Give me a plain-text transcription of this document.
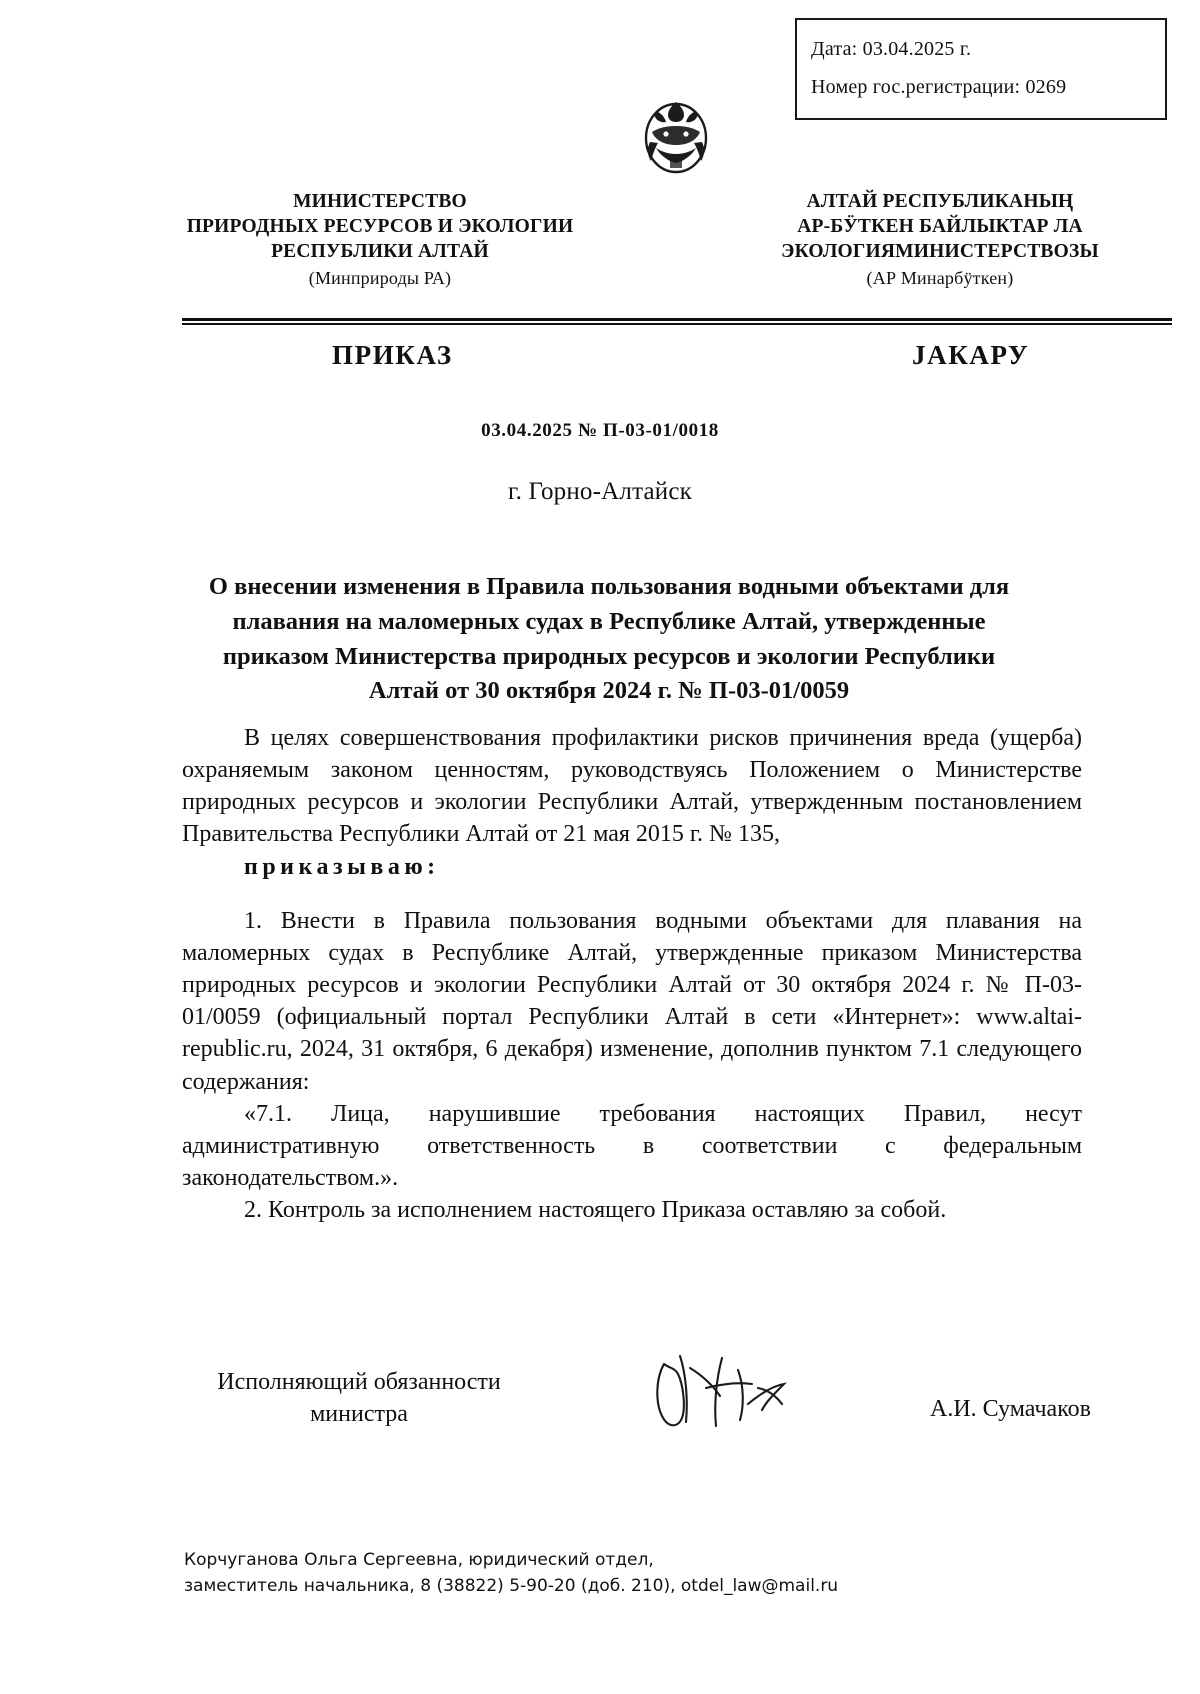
Дата: 03.04.2025 г.
Номер гос.регистрации: 0269
МИНИСТЕРСТВО
ПРИРОДНЫХ РЕСУРСОВ И ЭКОЛОГИИ
РЕСПУБЛИКИ АЛТАЙ
(Минприроды РА)
АЛТАЙ РЕСПУБЛИКАНЫҢ
АР-БӰТКЕН БАЙЛЫКТАР ЛА
ЭКОЛОГИЯМИНИСТЕРСТВОЗЫ
(АР Минарбӱткен)
ПРИКАЗ	JАКАРУ
03.04.2025 № П-03-01/0018
г. Горно-Алтайск
О внесении изменения в Правила пользования водными объектами для плавания на маломерных судах в Республике Алтай, утвержденные приказом Министерства природных ресурсов и экологии Республики Алтай от 30 октября 2024 г. № П-03-01/0059

В целях совершенствования профилактики рисков причинения вреда (ущерба) охраняемым законом ценностям, руководствуясь Положением о Министерстве природных ресурсов и экологии Республики Алтай, утвержденным постановлением Правительства Республики Алтай от 21 мая 2015 г. № 135,

приказываю:

1. Внести в Правила пользования водными объектами для плавания на маломерных судах в Республике Алтай, утвержденные приказом Министерства природных ресурсов и экологии Республики Алтай от 30 октября 2024 г. № П-03-01/0059 (официальный портал Республики Алтай в сети «Интернет»: www.altai-republic.ru, 2024, 31 октября, 6 декабря) изменение, дополнив пунктом 7.1 следующего содержания:

«7.1. Лица, нарушившие требования настоящих Правил, несут административную ответственность в соответствии с федеральным законодательством.».

2. Контроль за исполнением настоящего Приказа оставляю за собой.

Исполняющий обязанности
министра	А.И. Сумачаков
Корчуганова Ольга Сергеевна, юридический отдел,
заместитель начальника, 8 (38822) 5-90-20 (доб. 210), otdel_law@mail.ru
